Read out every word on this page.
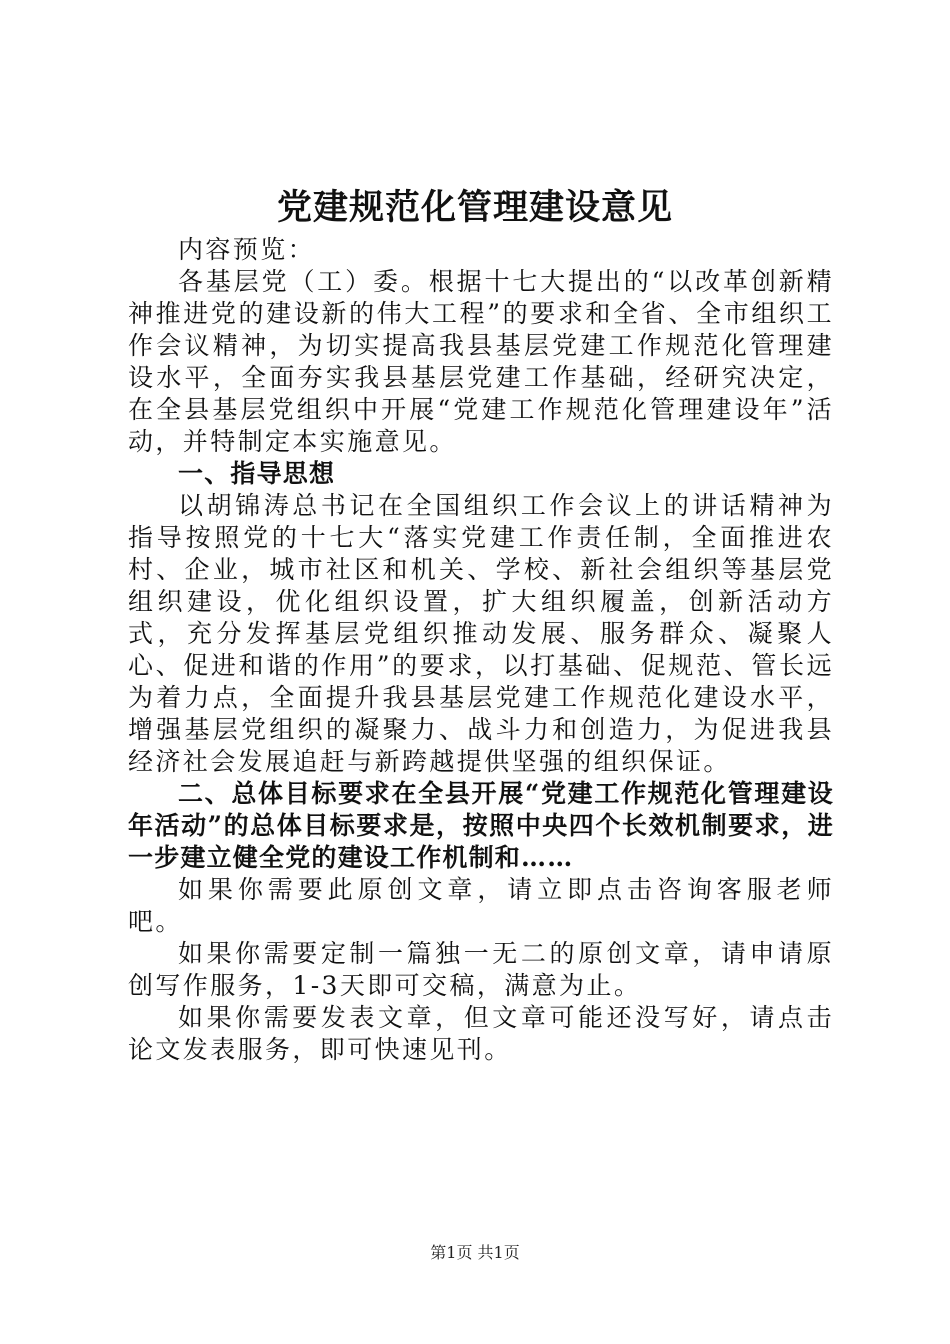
党建规范化管理建设意见

内容预览：

各基层党（工）委。根据十七大提出的“以改革创新精神推进党的建设新的伟大工程”的要求和全省、全市组织工作会议精神，为切实提高我县基层党建工作规范化管理建设水平，全面夯实我县基层党建工作基础，经研究决定，在全县基层党组织中开展“党建工作规范化管理建设年”活动，并特制定本实施意见。

一、指导思想

以胡锦涛总书记在全国组织工作会议上的讲话精神为指导按照党的十七大“落实党建工作责任制，全面推进农村、企业，城市社区和机关、学校、新社会组织等基层党组织建设，优化组织设置，扩大组织履盖，创新活动方式，充分发挥基层党组织推动发展、服务群众、凝聚人心、促进和谐的作用”的要求，以打基础、促规范、管长远为着力点，全面提升我县基层党建工作规范化建设水平，增强基层党组织的凝聚力、战斗力和创造力，为促进我县经济社会发展追赶与新跨越提供坚强的组织保证。

二、总体目标要求在全县开展“党建工作规范化管理建设年活动”的总体目标要求是，按照中央四个长效机制要求，进一步建立健全党的建设工作机制和……

如果你需要此原创文章，请立即点击咨询客服老师吧。

如果你需要定制一篇独一无二的原创文章，请申请原创写作服务，1-3天即可交稿，满意为止。

如果你需要发表文章，但文章可能还没写好，请点击论文发表服务，即可快速见刊。

第1页 共1页
